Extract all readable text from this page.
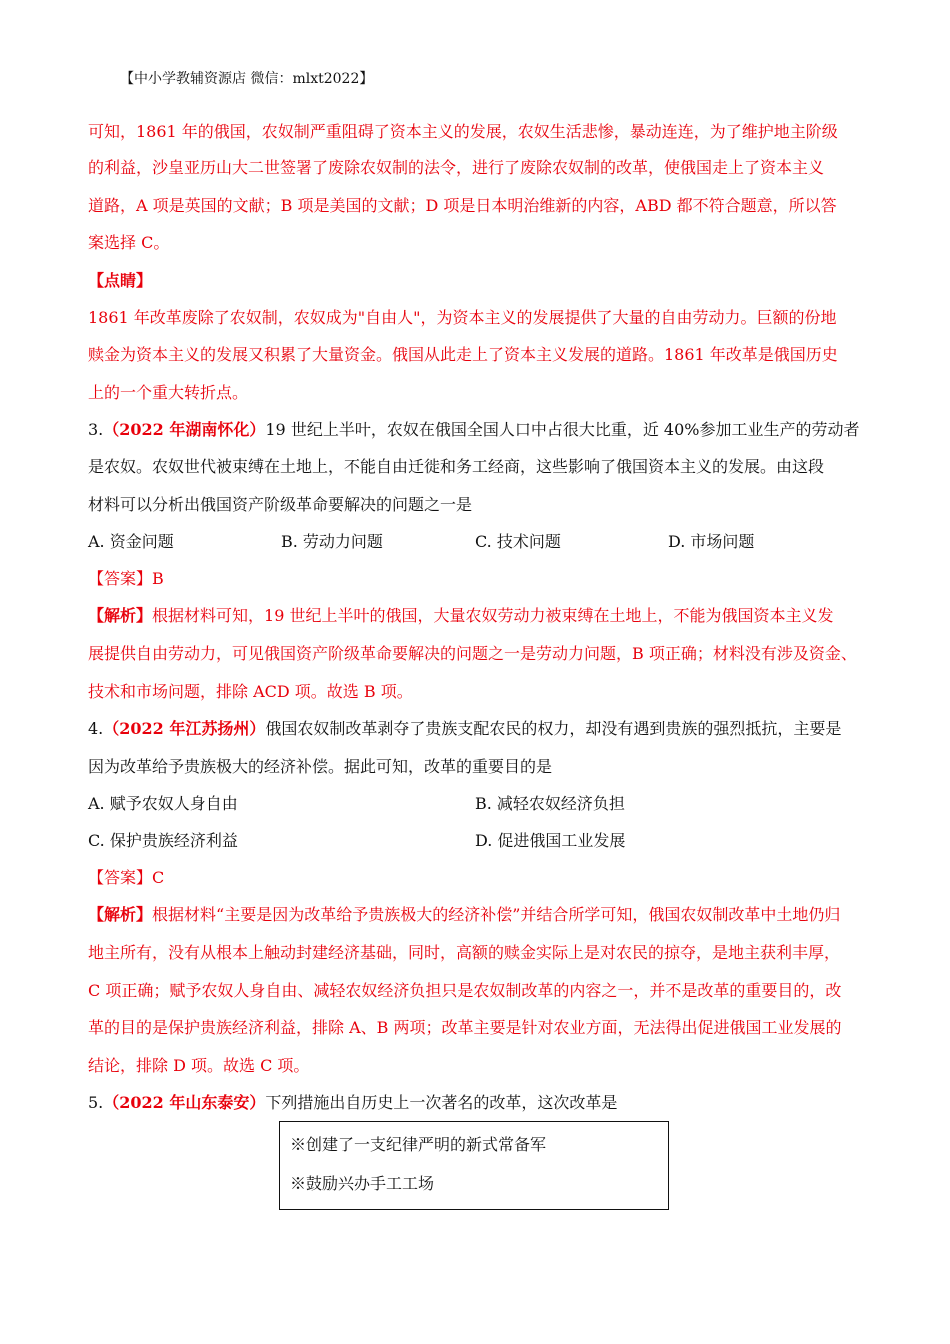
【中小学教辅资源店 微信：mlxt2022】
可知，1861 年的俄国，农奴制严重阻碍了资本主义的发展，农奴生活悲惨，暴动连连，为了维护地主阶级
的利益，沙皇亚历山大二世签署了废除农奴制的法令，进行了废除农奴制的改革，使俄国走上了资本主义
道路，A 项是英国的文献；B 项是美国的文献；D 项是日本明治维新的内容，ABD 都不符合题意，所以答
案选择 C。
【点睛】
1861 年改革废除了农奴制，农奴成为"自由人"，为资本主义的发展提供了大量的自由劳动力。巨额的份地
赎金为资本主义的发展又积累了大量资金。俄国从此走上了资本主义发展的道路。1861 年改革是俄国历史
上的一个重大转折点。
3.（2022 年湖南怀化）19 世纪上半叶，农奴在俄国全国人口中占很大比重，近 40%参加工业生产的劳动者
是农奴。农奴世代被束缚在土地上，不能自由迁徙和务工经商，这些影响了俄国资本主义的发展。由这段
材料可以分析出俄国资产阶级革命要解决的问题之一是
A. 资金问题	B. 劳动力问题	C. 技术问题	D. 市场问题
【答案】B
【解析】根据材料可知，19 世纪上半叶的俄国，大量农奴劳动力被束缚在土地上，不能为俄国资本主义发
展提供自由劳动力，可见俄国资产阶级革命要解决的问题之一是劳动力问题，B 项正确；材料没有涉及资金、
技术和市场问题，排除 ACD 项。故选 B 项。
4.（2022 年江苏扬州）俄国农奴制改革剥夺了贵族支配农民的权力，却没有遇到贵族的强烈抵抗，主要是
因为改革给予贵族极大的经济补偿。据此可知，改革的重要目的是
A. 赋予农奴人身自由	B. 减轻农奴经济负担
C. 保护贵族经济利益	D. 促进俄国工业发展
【答案】C
【解析】根据材料“主要是因为改革给予贵族极大的经济补偿”并结合所学可知，俄国农奴制改革中土地仍归
地主所有，没有从根本上触动封建经济基础，同时，高额的赎金实际上是对农民的掠夺，是地主获利丰厚，
C 项正确；赋予农奴人身自由、减轻农奴经济负担只是农奴制改革的内容之一，并不是改革的重要目的，改
革的目的是保护贵族经济利益，排除 A、B 两项；改革主要是针对农业方面，无法得出促进俄国工业发展的
结论，排除 D 项。故选 C 项。
5.（2022 年山东泰安）下列措施出自历史上一次著名的改革，这次改革是
※创建了一支纪律严明的新式常备军
※鼓励兴办手工工场
